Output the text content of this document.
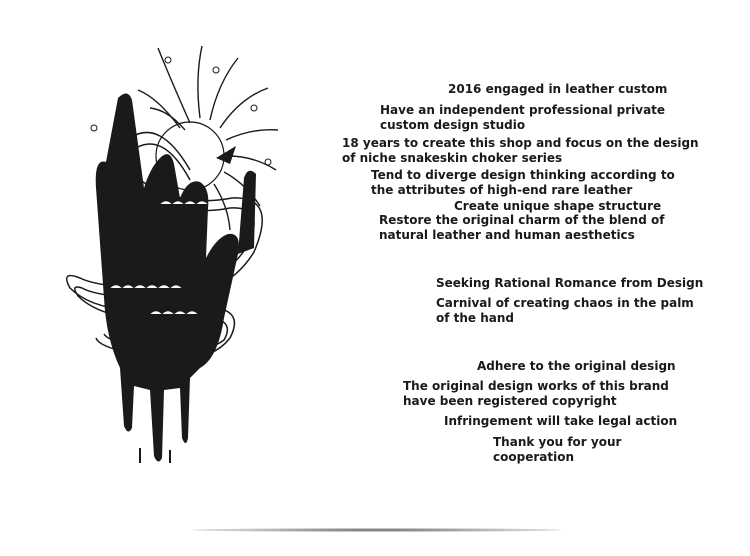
2016 engaged in leather custom
Have an independent professional private custom design studio
18 years to create this shop and focus on the design of niche snakeskin choker series
Tend to diverge design thinking according to the attributes of high-end rare leather
Create unique shape structure
Restore the original charm of the blend of natural leather and human aesthetics
Seeking Rational Romance from Design
Carnival of creating chaos in the palm of the hand
Adhere to the original design
The original design works of this brand have been registered copyright
Infringement will take legal action
Thank you for your cooperation
